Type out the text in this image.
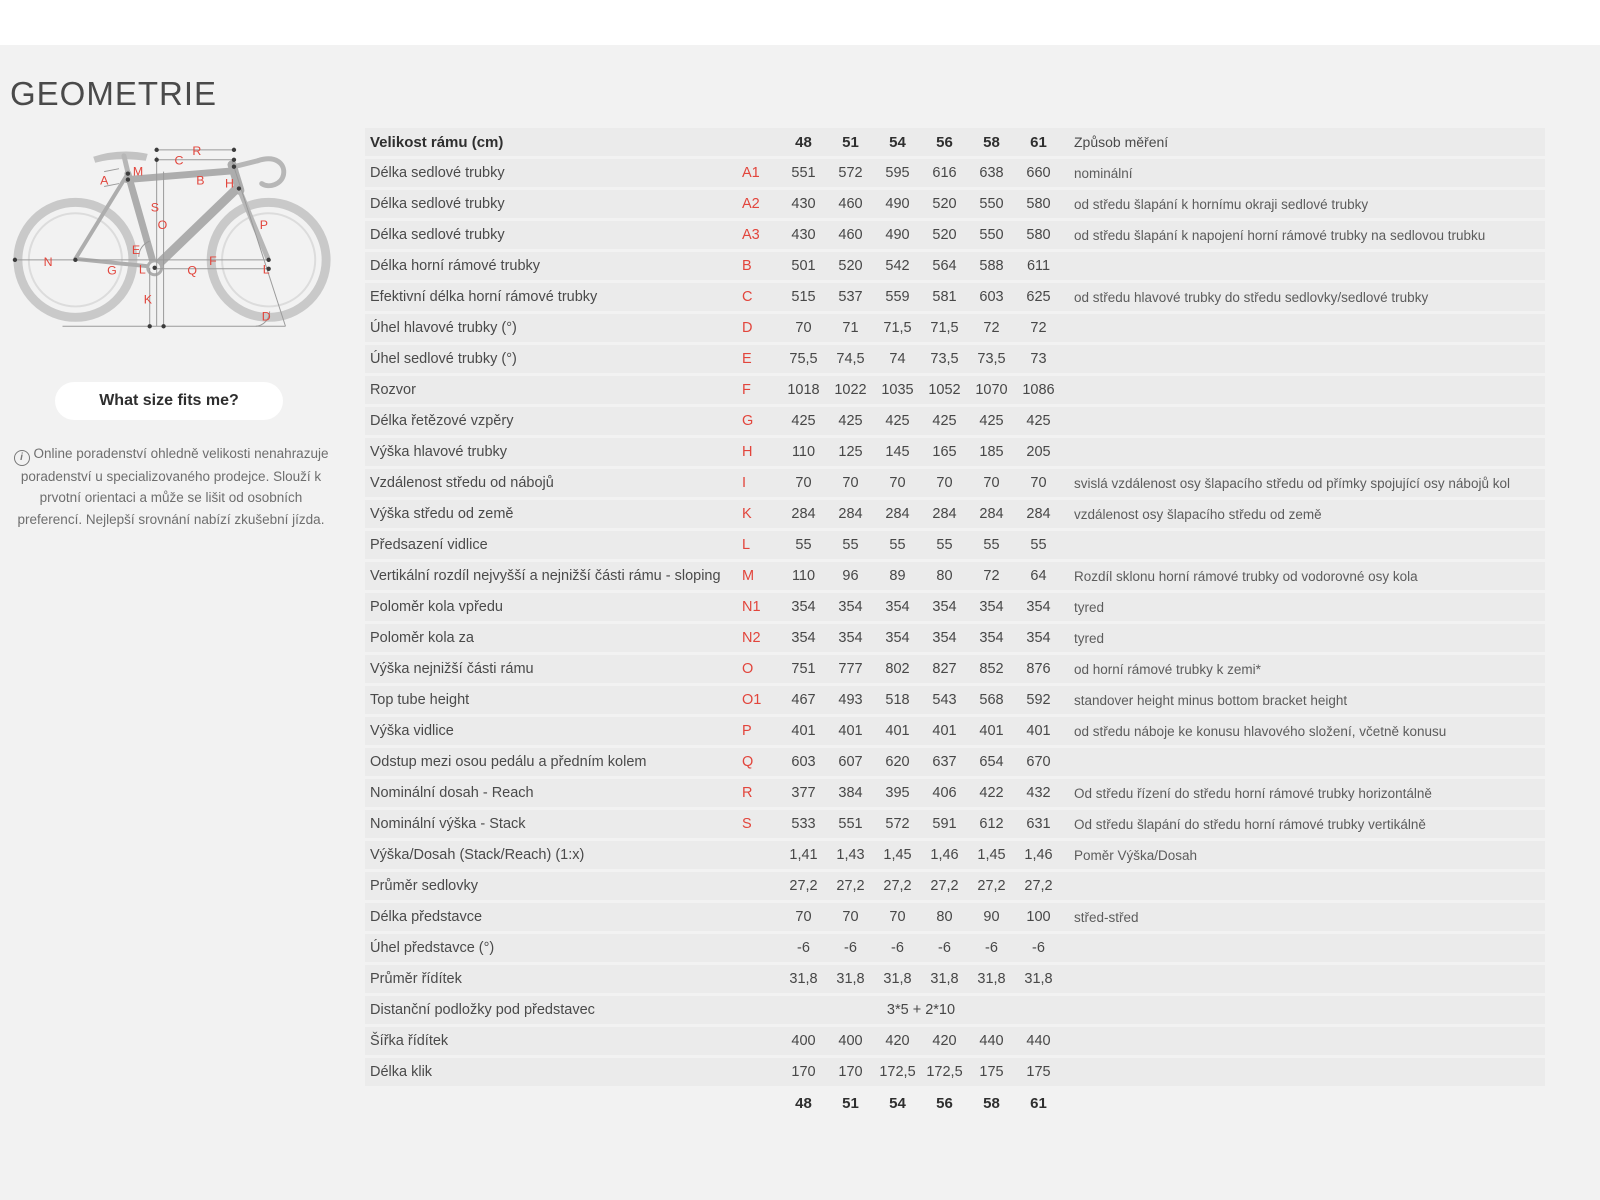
GEOMETRIE
A
M
C
R
B H
S
O
E
N
G L	Q
F
P
L
K
D
What size fits me?
i Online poradenství ohledně velikosti nenahrazuje poradenství u specializovaného prodejce. Slouží k prvotní orientaci a může se lišit od osobních preferencí. Nejlepší srovnání nabízí zkušební jízda.
Velikost rámu (cm)	48	51	54	56	58	61	Způsob měření
Délka sedlové trubky	A1	551	572	595	616	638	660	nominální
Délka sedlové trubky	A2	430	460	490	520	550	580	od středu šlapání k hornímu okraji sedlové trubky
Délka sedlové trubky	A3	430	460	490	520	550	580	od středu šlapání k napojení horní rámové trubky na sedlovou trubku
Délka horní rámové trubky	B	501	520	542	564	588	611
Efektivní délka horní rámové trubky	C	515	537	559	581	603	625	od středu hlavové trubky do středu sedlovky/sedlové trubky
Úhel hlavové trubky (°)	D	70	71	71,5	71,5	72	72
Úhel sedlové trubky (°)	E	75,5	74,5	74	73,5	73,5	73
Rozvor	F	1018	1022	1035	1052	1070	1086
Délka řetězové vzpěry	G	425	425	425	425	425	425
Výška hlavové trubky	H	110	125	145	165	185	205
Vzdálenost středu od nábojů	I	70	70	70	70	70	70	svislá vzdálenost osy šlapacího středu od přímky spojující osy nábojů kol
Výška středu od země	K	284	284	284	284	284	284	vzdálenost osy šlapacího středu od země
Předsazení vidlice	L	55	55	55	55	55	55
Vertikální rozdíl nejvyšší a nejnižší části rámu - sloping	M	110	96	89	80	72	64	Rozdíl sklonu horní rámové trubky od vodorovné osy kola
Poloměr kola vpředu	N1	354	354	354	354	354	354	tyred
Poloměr kola za	N2	354	354	354	354	354	354	tyred
Výška nejnižší části rámu	O	751	777	802	827	852	876	od horní rámové trubky k zemi*
Top tube height	O1	467	493	518	543	568	592	standover height minus bottom bracket height
Výška vidlice	P	401	401	401	401	401	401	od středu náboje ke konusu hlavového složení, včetně konusu
Odstup mezi osou pedálu a předním kolem	Q	603	607	620	637	654	670
Nominální dosah - Reach	R	377	384	395	406	422	432	Od středu řízení do středu horní rámové trubky horizontálně
Nominální výška - Stack	S	533	551	572	591	612	631	Od středu šlapání do středu horní rámové trubky vertikálně
Výška/Dosah (Stack/Reach) (1:x)	1,41	1,43	1,45	1,46	1,45	1,46	Poměr Výška/Dosah
Průměr sedlovky	27,2	27,2	27,2	27,2	27,2	27,2
Délka představce	70	70	70	80	90	100	střed-střed
Úhel představce (°)	-6	-6	-6	-6	-6	-6
Průměr řídítek	31,8	31,8	31,8	31,8	31,8	31,8
Distanční podložky pod představec	3*5 + 2*10
Šířka řídítek	400	400	420	420	440	440
Délka klik	170	170	172,5 172,5	175	175
48	51	54	56	58	61
